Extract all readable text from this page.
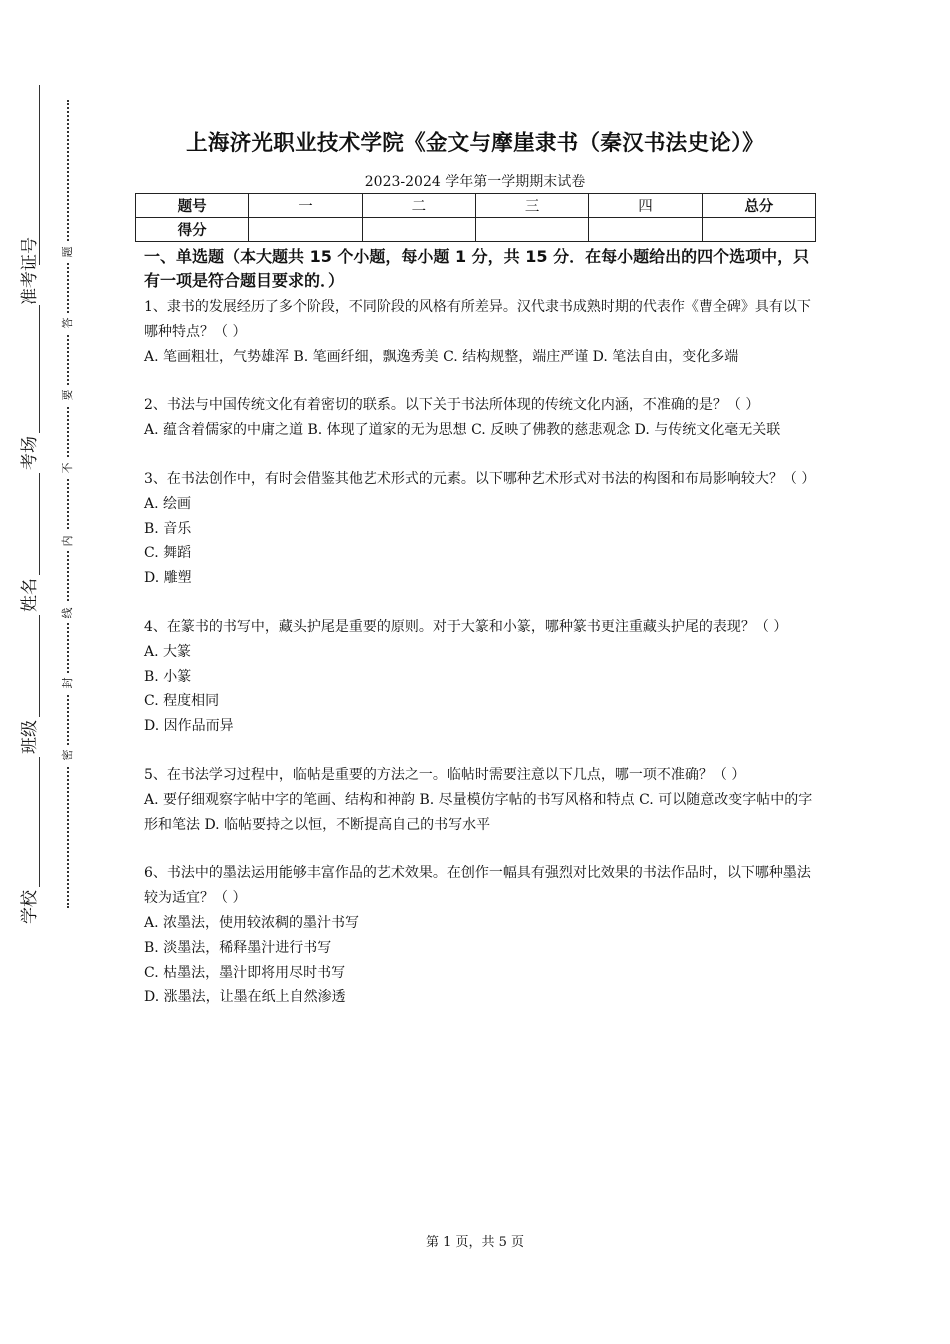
准考证号
考场
姓名
班级
学校
题
答
要
不
内
线
封
密
上海济光职业技术学院《金文与摩崖隶书（秦汉书法史论）》
2023-2024 学年第一学期期末试卷
题号	一	二	三	四	总分
得分					
一、单选题（本大题共 15 个小题，每小题 1 分，共 15 分．在每小题给出的四个选项中，只有一项是符合题目要求的．）
1、隶书的发展经历了多个阶段，不同阶段的风格有所差异。汉代隶书成熟时期的代表作《曹全碑》具有以下哪种特点？（ ）
A. 笔画粗壮，气势雄浑 B. 笔画纤细，飘逸秀美 C. 结构规整，端庄严谨 D. 笔法自由，变化多端
2、书法与中国传统文化有着密切的联系。以下关于书法所体现的传统文化内涵，不准确的是？（ ）
A. 蕴含着儒家的中庸之道 B. 体现了道家的无为思想 C. 反映了佛教的慈悲观念 D. 与传统文化毫无关联
3、在书法创作中，有时会借鉴其他艺术形式的元素。以下哪种艺术形式对书法的构图和布局影响较大？（ ）
A. 绘画
B. 音乐
C. 舞蹈
D. 雕塑
4、在篆书的书写中，藏头护尾是重要的原则。对于大篆和小篆，哪种篆书更注重藏头护尾的表现？（ ）
A. 大篆
B. 小篆
C. 程度相同
D. 因作品而异
5、在书法学习过程中，临帖是重要的方法之一。临帖时需要注意以下几点，哪一项不准确？（ ）
A. 要仔细观察字帖中字的笔画、结构和神韵 B. 尽量模仿字帖的书写风格和特点 C. 可以随意改变字帖中的字形和笔法 D. 临帖要持之以恒，不断提高自己的书写水平
6、书法中的墨法运用能够丰富作品的艺术效果。在创作一幅具有强烈对比效果的书法作品时，以下哪种墨法较为适宜？（ ）
A. 浓墨法，使用较浓稠的墨汁书写
B. 淡墨法，稀释墨汁进行书写
C. 枯墨法，墨汁即将用尽时书写
D. 涨墨法，让墨在纸上自然渗透
第 1 页，共 5 页
